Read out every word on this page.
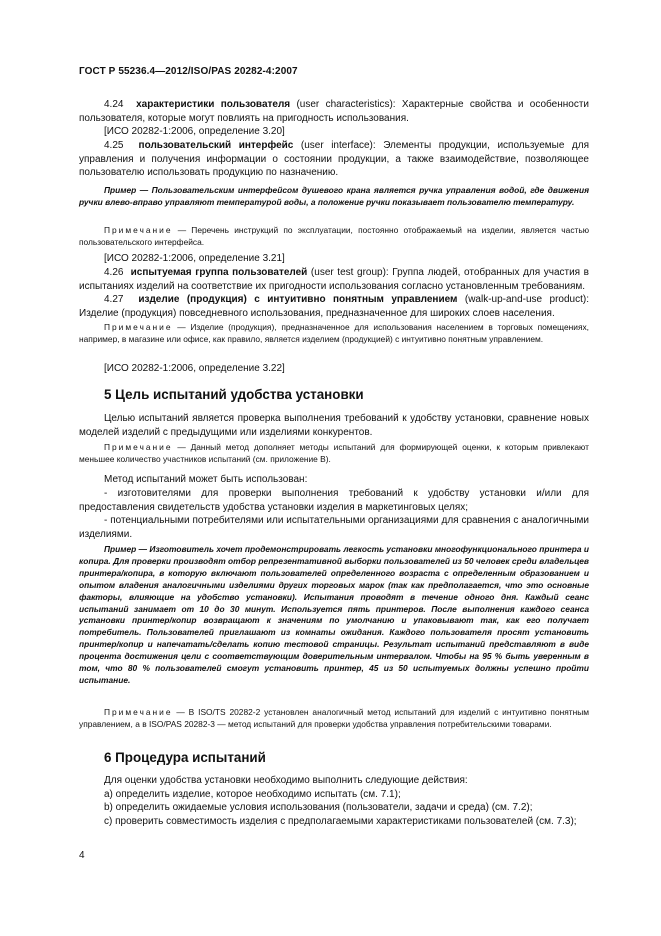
ГОСТ Р 55236.4—2012/ISO/PAS 20282-4:2007
4.24 характеристики пользователя (user characteristics): Характерные свойства и особенности пользователя, которые могут повлиять на пригодность использования.
[ИСО 20282-1:2006, определение 3.20]
4.25 пользовательский интерфейс (user interface): Элементы продукции, используемые для управления и получения информации о состоянии продукции, а также взаимодействие, позволяющее пользователю использовать продукцию по назначению.
Пример — Пользовательским интерфейсом душевого крана является ручка управления водой, где движения ручки влево-вправо управляют температурой воды, а положение ручки показывает пользователю температуру.
Примечание — Перечень инструкций по эксплуатации, постоянно отображаемый на изделии, является частью пользовательского интерфейса.
[ИСО 20282-1:2006, определение 3.21]
4.26 испытуемая группа пользователей (user test group): Группа людей, отобранных для участия в испытаниях изделий на соответствие их пригодности использования согласно установленным требованиям.
4.27 изделие (продукция) с интуитивно понятным управлением (walk-up-and-use product): Изделие (продукция) повседневного использования, предназначенное для широких слоев населения.
Примечание — Изделие (продукция), предназначенное для использования населением в торговых помещениях, например, в магазине или офисе, как правило, является изделием (продукцией) с интуитивно понятным управлением.
[ИСО 20282-1:2006, определение 3.22]
5 Цель испытаний удобства установки
Целью испытаний является проверка выполнения требований к удобству установки, сравнение новых моделей изделий с предыдущими или изделиями конкурентов.
Примечание — Данный метод дополняет методы испытаний для формирующей оценки, к которым привлекают меньшее количество участников испытаний (см. приложение В).
Метод испытаний может быть использован:
- изготовителями для проверки выполнения требований к удобству установки и/или для предоставления свидетельств удобства установки изделия в маркетинговых целях;
- потенциальными потребителями или испытательными организациями для сравнения с аналогичными изделиями.
Пример — Изготовитель хочет продемонстрировать легкость установки многофункционального принтера и копира. Для проверки производят отбор репрезентативной выборки пользователей из 50 человек среди владельцев принтера/копира, в которую включают пользователей определенного возраста с определенным образованием и опытом владения аналогичными изделиями других торговых марок (так как предполагается, что это основные факторы, влияющие на удобство установки). Испытания проводят в течение одного дня. Каждый сеанс испытаний занимает от 10 до 30 минут. Используется пять принтеров. После выполнения каждого сеанса установки принтер/копир возвращают к значениям по умолчанию и упаковывают так, как его получает потребитель. Пользователей приглашают из комнаты ожидания. Каждого пользователя просят установить принтер/копир и напечатать/сделать копию тестовой страницы. Результат испытаний представляют в виде процента достижения цели с соответствующим доверительным интервалом. Чтобы на 95 % быть уверенным в том, что 80 % пользователей смогут установить принтер, 45 из 50 испытуемых должны успешно пройти испытание.
Примечание — В ISO/TS 20282-2 установлен аналогичный метод испытаний для изделий с интуитивно понятным управлением, а в ISO/PAS 20282-3 — метод испытаний для проверки удобства управления потребительскими товарами.
6 Процедура испытаний
Для оценки удобства установки необходимо выполнить следующие действия:
a) определить изделие, которое необходимо испытать (см. 7.1);
b) определить ожидаемые условия использования (пользователи, задачи и среда) (см. 7.2);
c) проверить совместимость изделия с предполагаемыми характеристиками пользователей (см. 7.3);
4
